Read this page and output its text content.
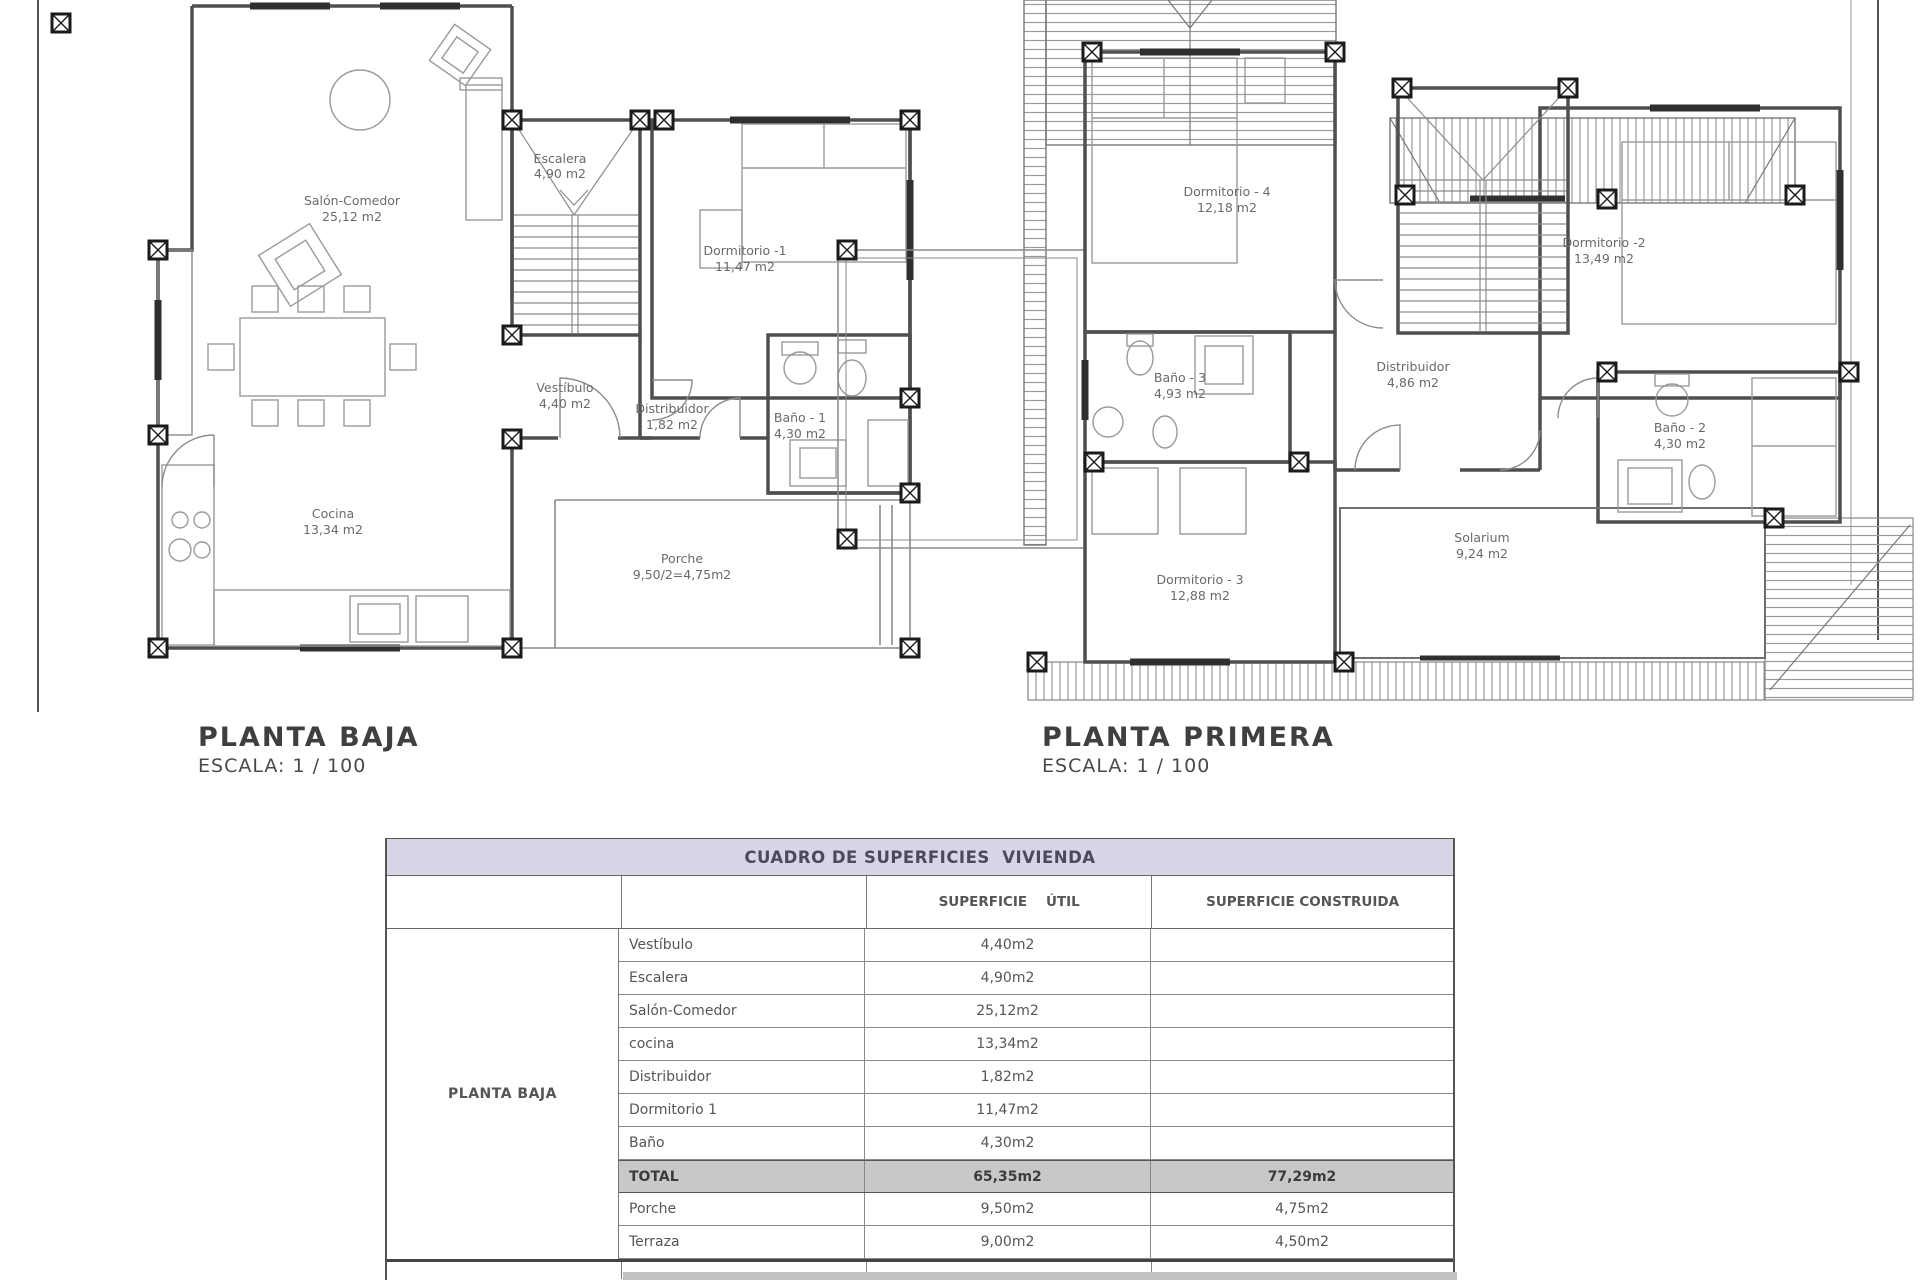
Salón-Comedor
25,12 m2
Escalera
4,90 m2
Dormitorio -1
11,47 m2
Vestíbulo
4,40 m2	Distribuidor
1,82 m2	Baño - 1
4,30 m2
Cocina
13,34 m2
Porche
9,50/2=4,75m2
Dormitorio - 4
12,18 m2
Dormitorio -2
13,49 m2
Baño - 3
4,93 m2
Distribuidor
4,86 m2
Baño - 2
4,30 m2
Dormitorio - 3
12,88 m2
Solarium
9,24 m2
PLANTA BAJA
ESCALA: 1 / 100
PLANTA PRIMERA
ESCALA: 1 / 100
CUADRO DE SUPERFICIES  VIVIENDA
SUPERFICIE    ÚTIL	SUPERFICIE CONSTRUIDA
PLANTA BAJA
Vestíbulo	4,40m2
Escalera	4,90m2
Salón-Comedor	25,12m2
cocina	13,34m2
Distribuidor	1,82m2
Dormitorio 1	11,47m2
Baño	4,30m2
TOTAL	65,35m2	77,29m2
Porche	9,50m2	4,75m2
Terraza	9,00m2	4,50m2
